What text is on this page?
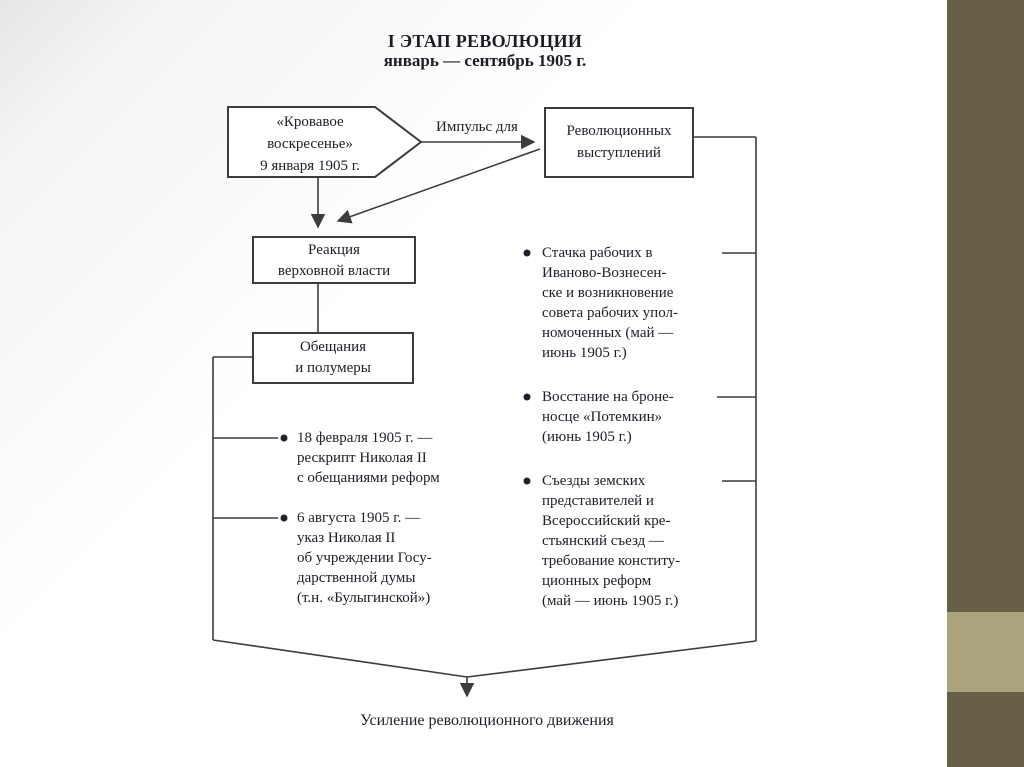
I ЭТАП РЕВОЛЮЦИИ
январь — сентябрь 1905 г.
«Кровавое
воскресенье»
9 января 1905 г.
Импульс для	Революционных
выступлений
Реакция
верховной власти
Обещания
и полумеры
18 февраля 1905 г. —
рескрипт Николая II
с обещаниями реформ
6 августа 1905 г. —
указ Николая II
об учреждении Госу-
дарственной думы
(т.н. «Булыгинской»)
Стачка рабочих в
Иваново-Вознесен-
ске и возникновение
совета рабочих упол-
номоченных (май —
июнь 1905 г.)
Восстание на броне-
носце «Потемкин»
(июнь 1905 г.)
Съезды земских
представителей и
Всероссийский кре-
стьянский съезд —
требование конститу-
ционных реформ
(май — июнь 1905 г.)
Усиление революционного движения
